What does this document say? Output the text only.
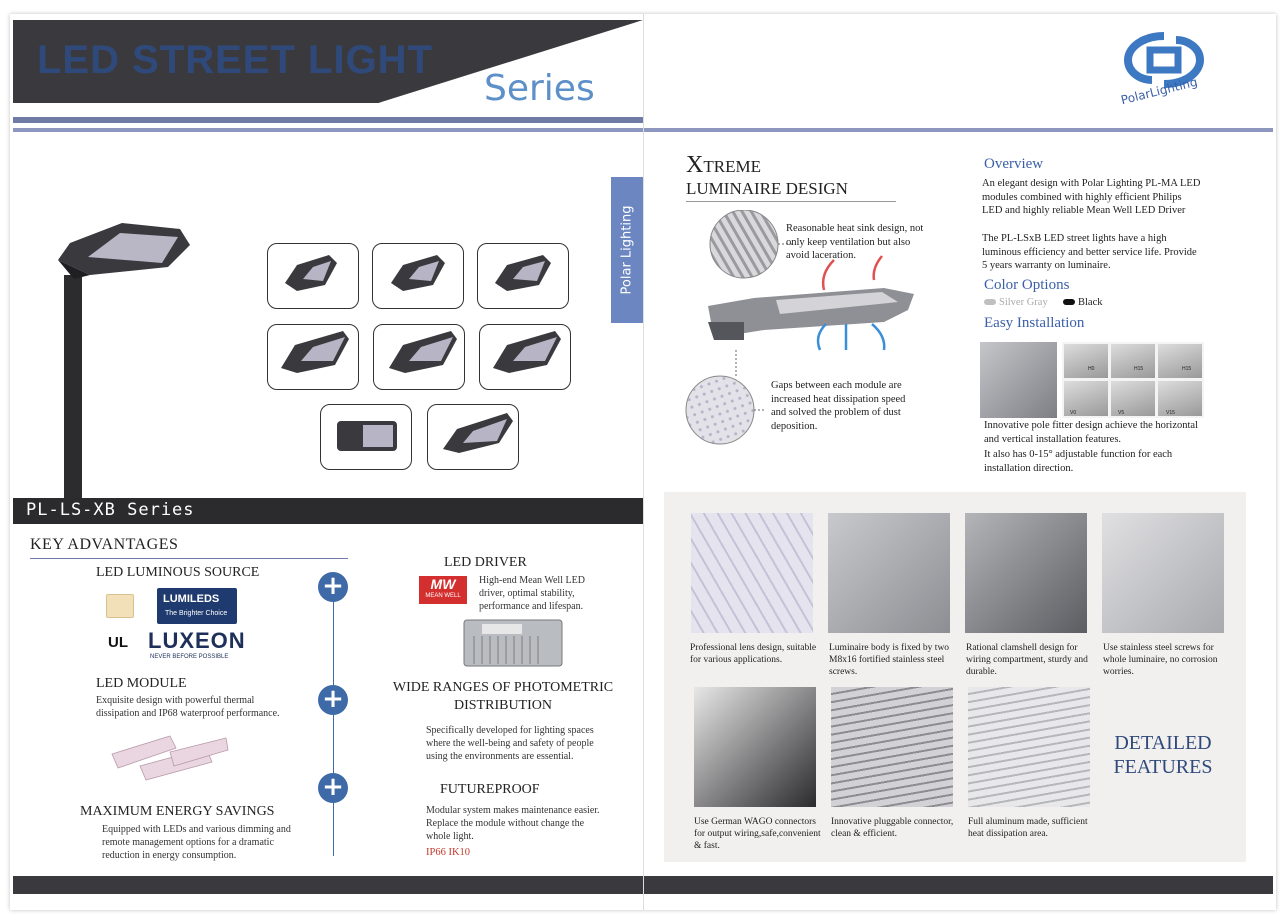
LED STREET LIGHT
Series
Polar Lighting
PL-LS-XB Series
KEY ADVANTAGES
LED LUMINOUS SOURCE
LUMILEDS
The Brighter Choice
UL LUXEON
NEVER BEFORE POSSIBLE
LED MODULE
Exquisite design with powerful thermal dissipation and IP68 waterproof performance.
MAXIMUM ENERGY SAVINGS
Equipped with LEDs and various dimming and remote management options for a dramatic reduction in energy consumption.
+
+
+
LED DRIVER
MW
MEAN WELL
High-end Mean Well LED driver, optimal stability, performance and lifespan.
WIDE RANGES OF PHOTOMETRIC DISTRIBUTION
Specifically developed for lighting spaces where the well-being and safety of people using the environments are essential.
FUTUREPROOF
Modular system makes maintenance easier. Replace the module without change the whole light.
IP66 IK10
PolarLighting
XTREME
LUMINAIRE DESIGN
Reasonable heat sink design, not only keep ventilation but also avoid laceration.
Gaps between each module are increased heat dissipation speed and solved the problem of dust deposition.
Overview
An elegant design with Polar Lighting PL-MA LED modules combined with highly efficient Philips LED and highly reliable Mean Well LED Driver
The PL-LSxB LED street lights have a high luminous efficiency and better service life. Provide 5 years warranty on luminaire.
Color Options
Silver Gray	Black
Easy Installation
H0	H15	H15
V0	V5	V15
Innovative pole fitter design achieve the horizontal and vertical installation features.
It also has 0-15° adjustable function for each installation direction.
Professional lens design, suitable for various applications.
Luminaire body is fixed by two M8x16 fortified stainless steel screws.
Rational clamshell design for wiring compartment, sturdy and durable.
Use stainless steel screws for whole luminaire, no corrosion worries.
Use German WAGO connectors for output wiring,safe,convenient & fast.
Innovative pluggable connector, clean & efficient.
Full aluminum made, sufficient heat dissipation area.
DETAILED
FEATURES
